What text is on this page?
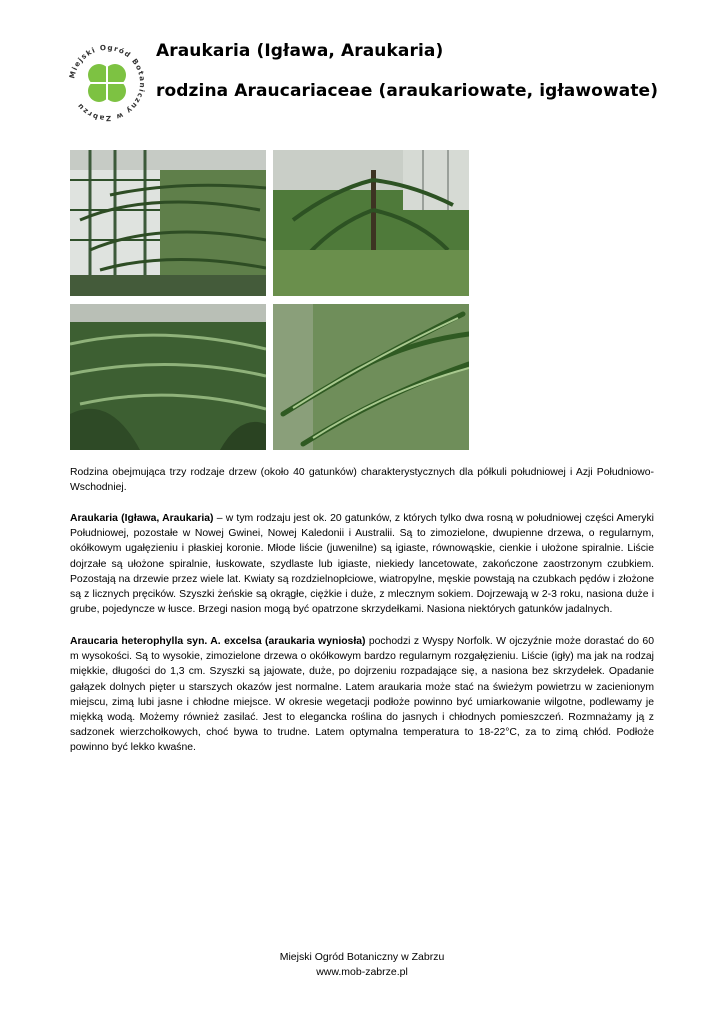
Miejski Ogród Botaniczny w Zabrzu
Araukaria (Igława, Araukaria)
rodzina Araucariaceae (araukariowate, igławowate)

Rodzina obejmująca trzy rodzaje drzew (około 40 gatunków) charakterystycznych dla półkuli południowej i Azji Południowo-Wschodniej.

Araukaria (Igława, Araukaria) – w tym rodzaju jest ok. 20 gatunków, z których tylko dwa rosną w południowej części Ameryki Południowej, pozostałe w Nowej Gwinei, Nowej Kaledonii i Australii. Są to zimozielone, dwupienne drzewa, o regularnym, okółkowym ugałęzieniu i płaskiej koronie. Młode liście (juwenilne) są igiaste, równowąskie, cienkie i ułożone spiralnie. Liście dojrzałe są ułożone spiralnie, łuskowate, szydlaste lub igiaste, niekiedy lancetowate, zakończone zaostrzonym czubkiem. Pozostają na drzewie przez wiele lat. Kwiaty są rozdzielnopłciowe, wiatropylne, męskie powstają na czubkach pędów i złożone są z licznych pręcików. Szyszki żeńskie są okrągłe, ciężkie i duże, z mlecznym sokiem. Dojrzewają w 2-3 roku, nasiona duże i grube, pojedyncze w łusce. Brzegi nasion mogą być opatrzone skrzydełkami. Nasiona niektórych gatunków jadalnych.

Araucaria heterophylla syn. A. excelsa (araukaria wyniosła) pochodzi z Wyspy Norfolk. W ojczyźnie może dorastać do 60 m wysokości. Są to wysokie, zimozielone drzewa o okółkowym bardzo regularnym rozgałęzieniu. Liście (igły) ma jak na rodzaj miękkie, długości do 1,3 cm. Szyszki są jajowate, duże, po dojrzeniu rozpadające się, a nasiona bez skrzydełek. Opadanie gałązek dolnych pięter u starszych okazów jest normalne. Latem araukaria może stać na świeżym powietrzu w zacienionym miejscu, zimą lubi jasne i chłodne miejsce. W okresie wegetacji podłoże powinno być umiarkowanie wilgotne, podlewamy je miękką wodą. Możemy również zasilać. Jest to elegancka roślina do jasnych i chłodnych pomieszczeń. Rozmnażamy ją z sadzonek wierzchołkowych, choć bywa to trudne. Latem optymalna temperatura to 18-22°C, za to zimą chłód. Podłoże powinno być lekko kwaśne.

Miejski Ogród Botaniczny w Zabrzu
www.mob-zabrze.pl
